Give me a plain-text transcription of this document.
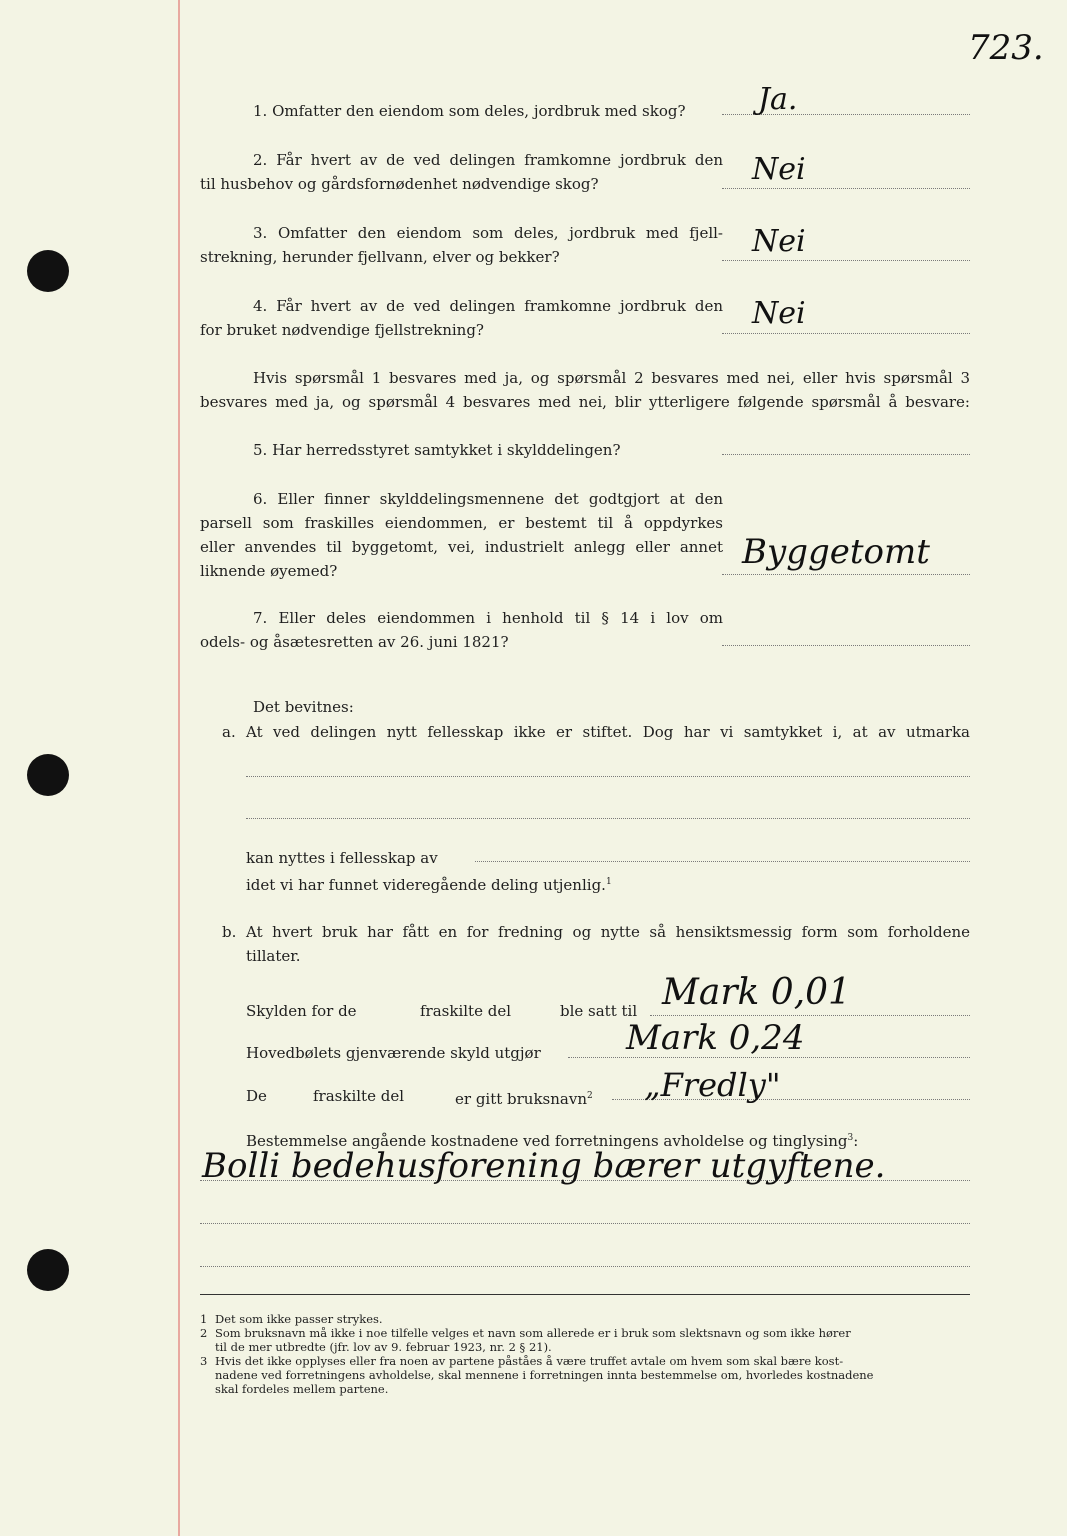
723.
1. Omfatter den eiendom som deles, jordbruk med skog? Ja.
2. Får hvert av de ved delingen framkomne jordbruk den
til husbehov og gårdsfornødenhet nødvendige skog?	Nei
3. Omfatter den eiendom som deles, jordbruk med fjell-
strekning, herunder fjellvann, elver og bekker?	Nei
4. Får hvert av de ved delingen framkomne jordbruk den
for bruket nødvendige fjellstrekning?	Nei
Hvis spørsmål 1 besvares med ja, og spørsmål 2 besvares med nei, eller hvis spørsmål 3
besvares med ja, og spørsmål 4 besvares med nei, blir ytterligere følgende spørsmål å besvare:
5. Har herredsstyret samtykket i skylddelingen?
6. Eller finner skylddelingsmennene det godtgjort at den
parsell som fraskilles eiendommen, er bestemt til å oppdyrkes
eller anvendes til byggetomt, vei, industrielt anlegg eller annet
liknende øyemed?	Byggetomt
7. Eller deles eiendommen i henhold til § 14 i lov om
odels- og åsætesretten av 26. juni 1821?
Det bevitnes:
a. At ved delingen nytt fellesskap ikke er stiftet. Dog har vi samtykket i, at av utmarka
kan nyttes i fellesskap av
idet vi har funnet videregående deling utjenlig.$^1$
b. At hvert bruk har fått en for fredning og nytte så hensiktsmessig form som forholdene
tillater.
Skylden for de	fraskilte del	ble satt til Mark 0,01
Hovedbølets gjenværende skyld utgjør	Mark 0,24
De	fraskilte del	er gitt bruksnavn$^2$ „Fredly"
Bestemmelse angående kostnadene ved forretningens avholdelse og tinglysing$^3$:
Bolli bedehusforening bærer utgyftene.
1 Det som ikke passer strykes.
2 Som bruksnavn må ikke i noe tilfelle velges et navn som allerede er i bruk som slektsnavn og som ikke hører
til de mer utbredte (jfr. lov av 9. februar 1923, nr. 2 § 21).
3 Hvis det ikke opplyses eller fra noen av partene påståes å være truffet avtale om hvem som skal bære kost-
nadene ved forretningens avholdelse, skal mennene i forretningen innta bestemmelse om, hvorledes kostnadene
skal fordeles mellem partene.
